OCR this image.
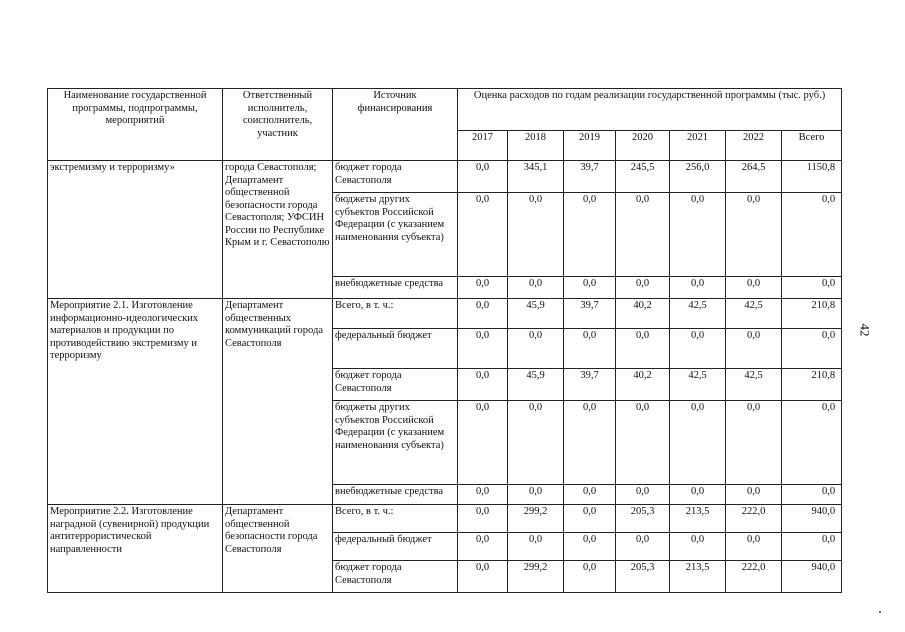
Наименование государственной программы, подпрограммы, мероприятий	Ответственный исполнитель, соисполнитель, участник	Источник финансирования	Оценка расходов по годам реализации государственной программы (тыс. руб.)						
			2017	2018	2019	2020	2021	2022	Всего
экстремизму и терроризму»	города Севастополя; Департамент общественной безопасности города Севастополя; УФСИН России по Республике Крым и г. Севастополю	бюджет города Севастополя	0,0	345,1	39,7	245,5	256,0	264,5	1150,8
		бюджеты других субъектов Российской Федерации (с указанием наименования субъекта)	0,0	0,0	0,0	0,0	0,0	0,0	0,0
		внебюджетные средства	0,0	0,0	0,0	0,0	0,0	0,0	0,0
Мероприятие 2.1. Изготовление информационно-идеологических материалов и продукции по противодействию экстремизму и терроризму	Департамент общественных коммуникаций города Севастополя	Всего, в т. ч.:	0,0	45,9	39,7	40,2	42,5	42,5	210,8
		федеральный бюджет	0,0	0,0	0,0	0,0	0,0	0,0	0,0
		бюджет города Севастополя	0,0	45,9	39,7	40,2	42,5	42,5	210,8
		бюджеты других субъектов Российской Федерации (с указанием наименования субъекта)	0,0	0,0	0,0	0,0	0,0	0,0	0,0
		внебюджетные средства	0,0	0,0	0,0	0,0	0,0	0,0	0,0
Мероприятие 2.2. Изготовление наградной (сувенирной) продукции антитеррористической направленности	Департамент общественной безопасности города Севастополя	Всего, в т. ч.:	0,0	299,2	0,0	205,3	213,5	222,0	940,0
		федеральный бюджет	0,0	0,0	0,0	0,0	0,0	0,0	0,0
		бюджет города Севастополя	0,0	299,2	0,0	205,3	213,5	222,0	940,0
42
